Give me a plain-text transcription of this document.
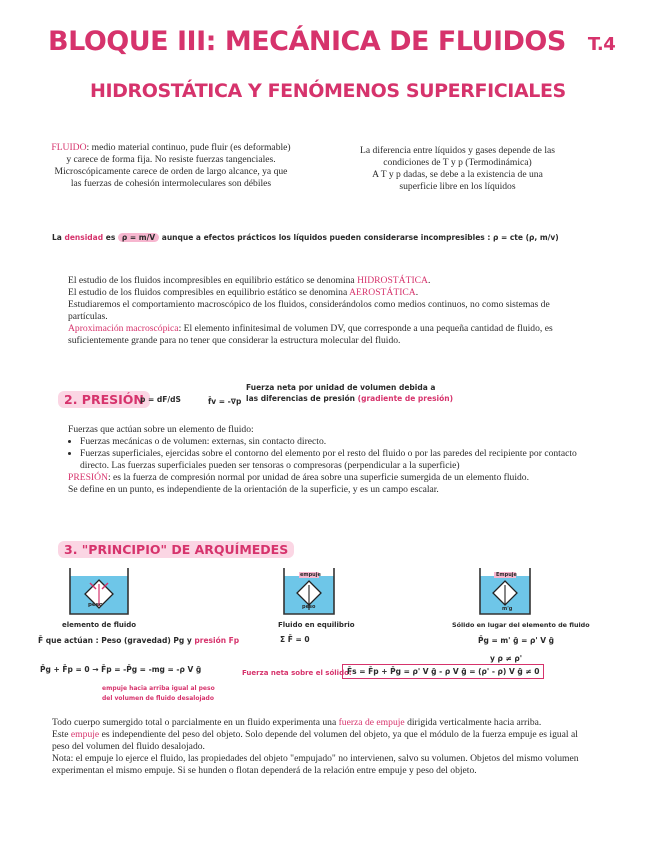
BLOQUE III: MECÁNICA DE FLUIDOS T.4
HIDROSTÁTICA Y FENÓMENOS SUPERFICIALES
FLUIDO: medio material continuo, pude fluir (es deformable)
y carece de forma fija. No resiste fuerzas tangenciales.
Microscópicamente carece de orden de largo alcance, ya que
las fuerzas de cohesión intermoleculares son débiles
La diferencia entre líquidos y gases depende de las
condiciones de T y p (Termodinámica)
A T y p dadas, se debe a la existencia de una
superficie libre en los líquidos
La densidad es ρ = m/V aunque a efectos prácticos los líquidos pueden considerarse incompresibles : ρ = cte (ρ, m/v)
El estudio de los fluidos incompresibles en equilibrio estático se denomina HIDROSTÁTICA.
El estudio de los fluidos compresibles en equilibrio estático se denomina AEROSTÁTICA.
Estudiaremos el comportamiento macroscópico de los fluidos, considerándolos como medios continuos, no como sistemas de partículas.
Aproximación macroscópica: El elemento infinitesimal de volumen DV, que corresponde a una pequeña cantidad de fluido, es suficientemente grande para no tener que considerar la estructura molecular del fluido.
2. PRESIÓN
p = dF/dS	f̄v = -∇p
Fuerza neta por unidad de volumen debida a
las diferencias de presión (gradiente de presión)
Fuerzas que actúan sobre un elemento de fluido:
• Fuerzas mecánicas o de volumen: externas, sin contacto directo.
• Fuerzas superficiales, ejercidas sobre el contorno del elemento por el resto del fluido o por las paredes del recipiente por contacto directo. Las fuerzas superficiales pueden ser tensoras o compresoras (perpendicular a la superficie)
PRESIÓN: es la fuerza de compresión normal por unidad de área sobre una superficie sumergida de un elemento fluido.
Se define en un punto, es independiente de la orientación de la superficie, y es un campo escalar.
3. "PRINCIPIO" DE ARQUÍMEDES
peso
empuje
peso
Empuje
m'g
elemento de fluido
F̄ que actúan : Peso (gravedad) Pg y presión Fp
P̄g + F̄p = 0 → F̄p = -P̄g = -mg = -ρ V ḡ
empuje hacia arriba igual al peso
del volumen de fluido desalojado
Fluido en equilibrio
Σ F̄ = 0
Sólido en lugar del elemento de fluido
P̄g = m' ḡ = ρ' V ḡ
y ρ ≠ ρ'
Fuerza neta sobre el sólido:
F̄s = F̄p + P̄g = ρ' V ḡ - ρ V ḡ = (ρ' - ρ) V ḡ ≠ 0
Todo cuerpo sumergido total o parcialmente en un fluido experimenta una fuerza de empuje dirigida verticalmente hacia arriba.
Este empuje es independiente del peso del objeto. Solo depende del volumen del objeto, ya que el módulo de la fuerza empuje es igual al peso del volumen del fluido desalojado.
Nota: el empuje lo ejerce el fluido, las propiedades del objeto "empujado" no intervienen, salvo su volumen. Objetos del mismo volumen experimentan el mismo empuje. Si se hunden o flotan dependerá de la relación entre empuje y peso del objeto.
